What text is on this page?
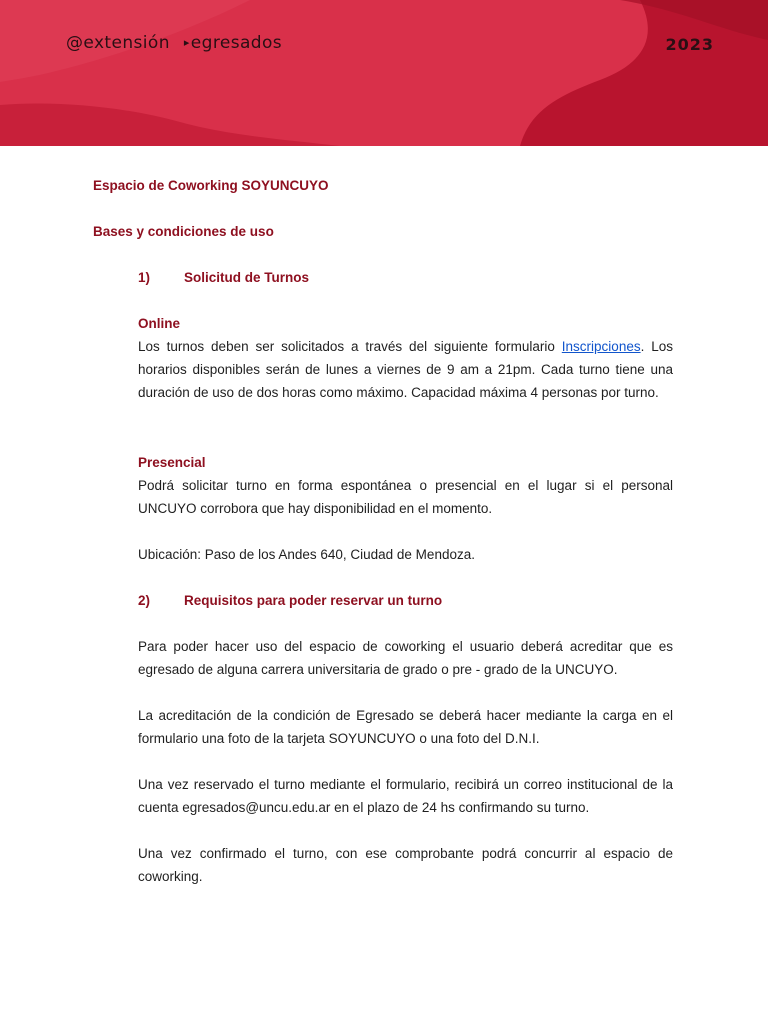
@extensión ▸egresados	2023
Espacio de Coworking SOYUNCUYO
Bases y condiciones de uso
1)	Solicitud de Turnos
Online
Los turnos deben ser solicitados a través del siguiente formulario Inscripciones. Los horarios disponibles serán de lunes a viernes de 9 am a 21pm. Cada turno tiene una duración de uso de dos horas como máximo. Capacidad máxima 4 personas por turno.
Presencial
Podrá solicitar turno en forma espontánea o presencial en el lugar si el personal UNCUYO corrobora que hay disponibilidad en el momento.
Ubicación: Paso de los Andes 640, Ciudad de Mendoza.
2)	Requisitos para poder reservar un turno
Para poder hacer uso del espacio de coworking el usuario deberá acreditar que es egresado de alguna carrera universitaria de grado o pre - grado de la UNCUYO.
La acreditación de la condición de Egresado se deberá hacer mediante la carga en el formulario una foto de la tarjeta SOYUNCUYO o una foto del D.N.I.
Una vez reservado el turno mediante el formulario, recibirá un correo institucional de la cuenta egresados@uncu.edu.ar en el plazo de 24 hs confirmando su turno.
Una vez confirmado el turno, con ese comprobante podrá concurrir al espacio de coworking.
